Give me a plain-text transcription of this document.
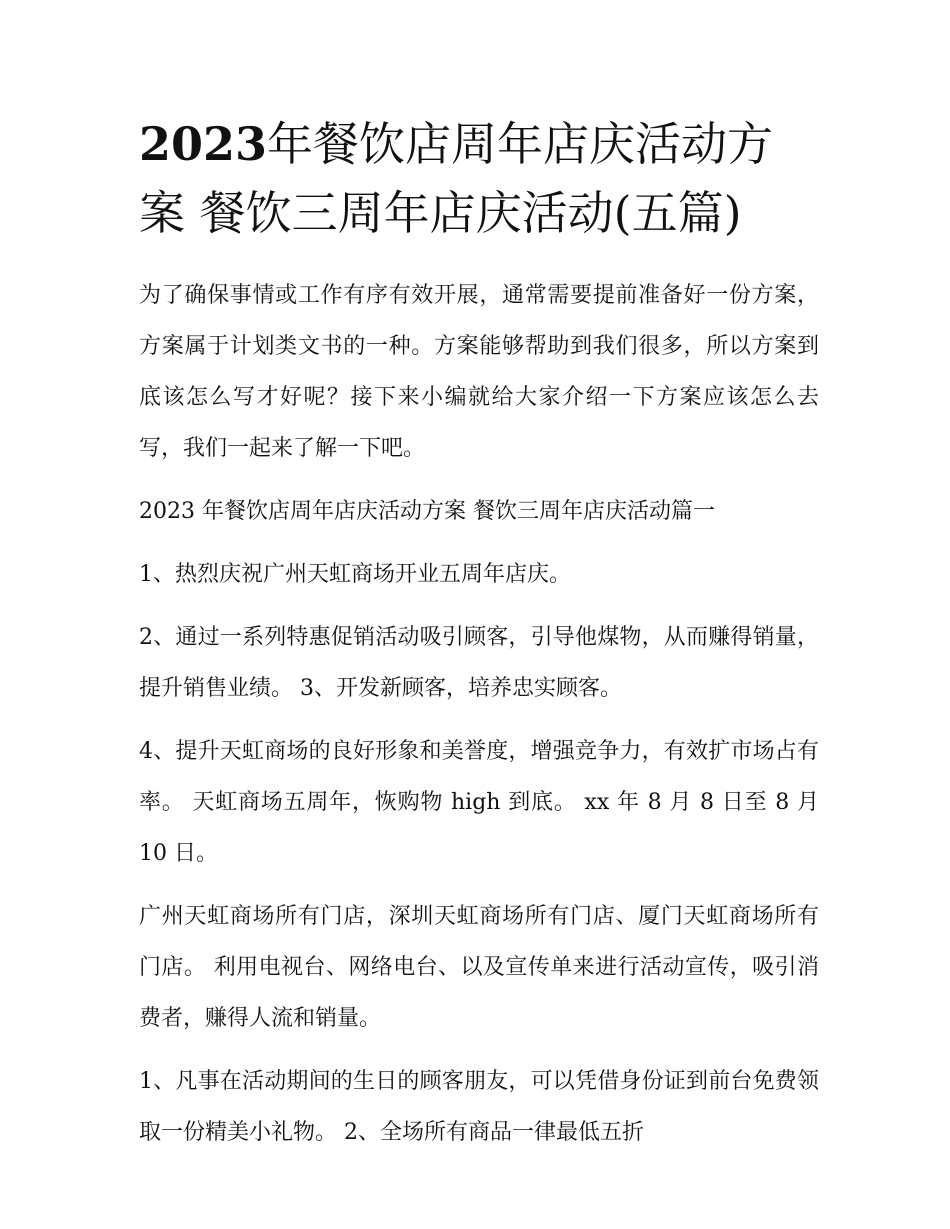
2023年餐饮店周年店庆活动方案 餐饮三周年店庆活动(五篇)

为了确保事情或工作有序有效开展，通常需要提前准备好一份方案，方案属于计划类文书的一种。方案能够帮助到我们很多，所以方案到底该怎么写才好呢？接下来小编就给大家介绍一下方案应该怎么去写，我们一起来了解一下吧。

2023 年餐饮店周年店庆活动方案 餐饮三周年店庆活动篇一

1、热烈庆祝广州天虹商场开业五周年店庆。

2、通过一系列特惠促销活动吸引顾客，引导他煤物，从而赚得销量，提升销售业绩。 3、开发新顾客，培养忠实顾客。

4、提升天虹商场的良好形象和美誉度，增强竞争力，有效扩市场占有率。 天虹商场五周年，恢购物 high 到底。 xx 年 8 月 8 日至 8 月 10 日。

广州天虹商场所有门店，深圳天虹商场所有门店、厦门天虹商场所有门店。 利用电视台、网络电台、以及宣传单来进行活动宣传，吸引消费者，赚得人流和销量。

1、凡事在活动期间的生日的顾客朋友，可以凭借身份证到前台免费领取一份精美小礼物。 2、全场所有商品一律最低五折
